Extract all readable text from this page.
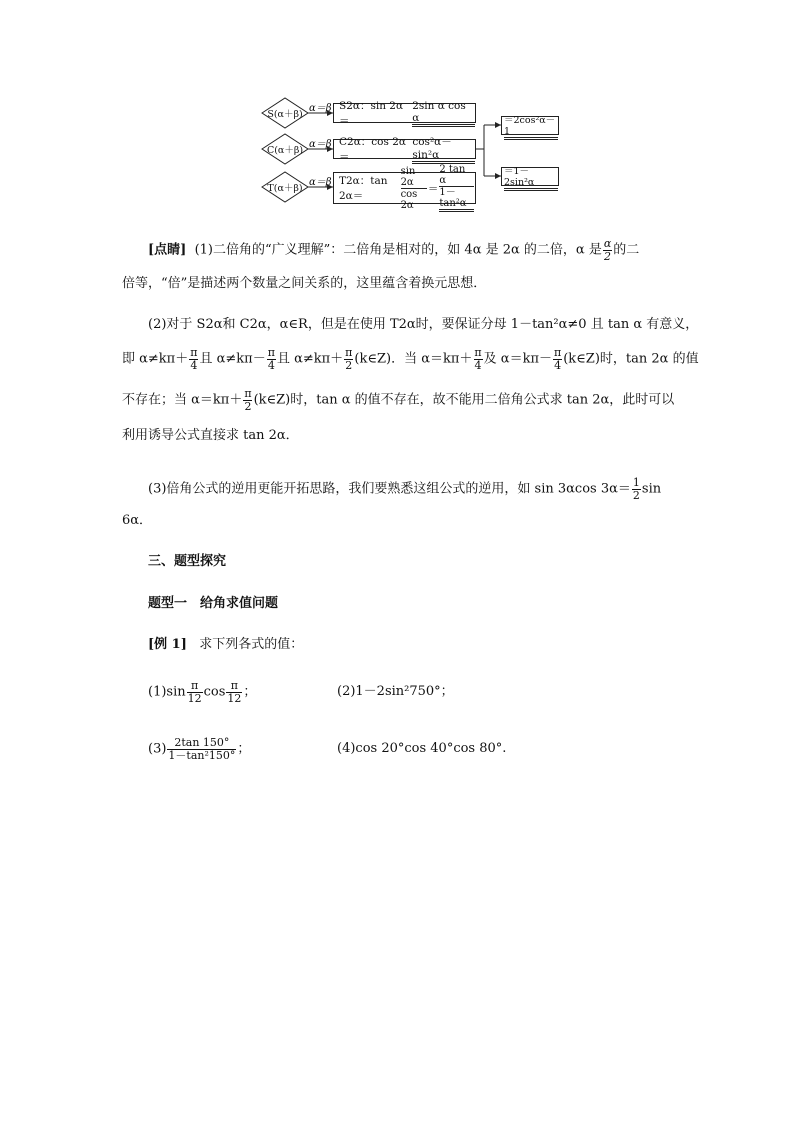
S(α＋β)
C(α＋β)
T(α＋β)
α＝β
α＝β
α＝β
S2α：sin 2α＝
2sin α cos α
C2α：cos 2α＝
cos²α－sin²α
T2α：tan 2α＝
sin 2α
cos 2α
＝
2 tan α
1－tan²α
＝2cos²α－1
＝1－2sin²α
[点睛] (1)二倍角的“广义理解”：二倍角是相对的，如 4α 是 2α 的二倍，α 是 $\frac{\alpha}{2}$ 的二
倍等，“倍”是描述两个数量之间关系的，这里蕴含着换元思想．
(2)对于 S2α和 C2α，α∈R，但是在使用 T2α时，要保证分母 1－tan²α≠0 且 tan α 有意义，
即 $\alpha\ne k\pi+ \frac{\pi}{4}$ 且 $\alpha\ne k\pi- \frac{\pi}{4}$ 且 $\alpha\ne k\pi+ \frac{\pi}{2}$ (k∈Z)．当 $\alpha=k\pi+ \frac{\pi}{4}$ 及 $\alpha=k\pi- \frac{\pi}{4}$ (k∈Z)时，tan 2α 的值
不存在；当 $\alpha=k\pi+ \frac{\pi}{2}$ (k∈Z)时，tan α 的值不存在，故不能用二倍角公式求 tan 2α，此时可以
利用诱导公式直接求 tan 2α．
(3)倍角公式的逆用更能开拓思路，我们要熟悉这组公式的逆用，如 sin 3αcos $3\alpha= \frac{1}{2}$ sin
6α．
三、题型探究
题型一　给角求值问题
[例 1] 求下列各式的值：
$(1)\sin \frac{\pi}{12}$ $\cos \frac{\pi}{12}$ ；	(2)1－2sin²750°；
$(3) \frac{2\tan 150^\circ}{\text{1－tan²150°}}$ ；	(4)cos 20°cos 40°cos 80°.
